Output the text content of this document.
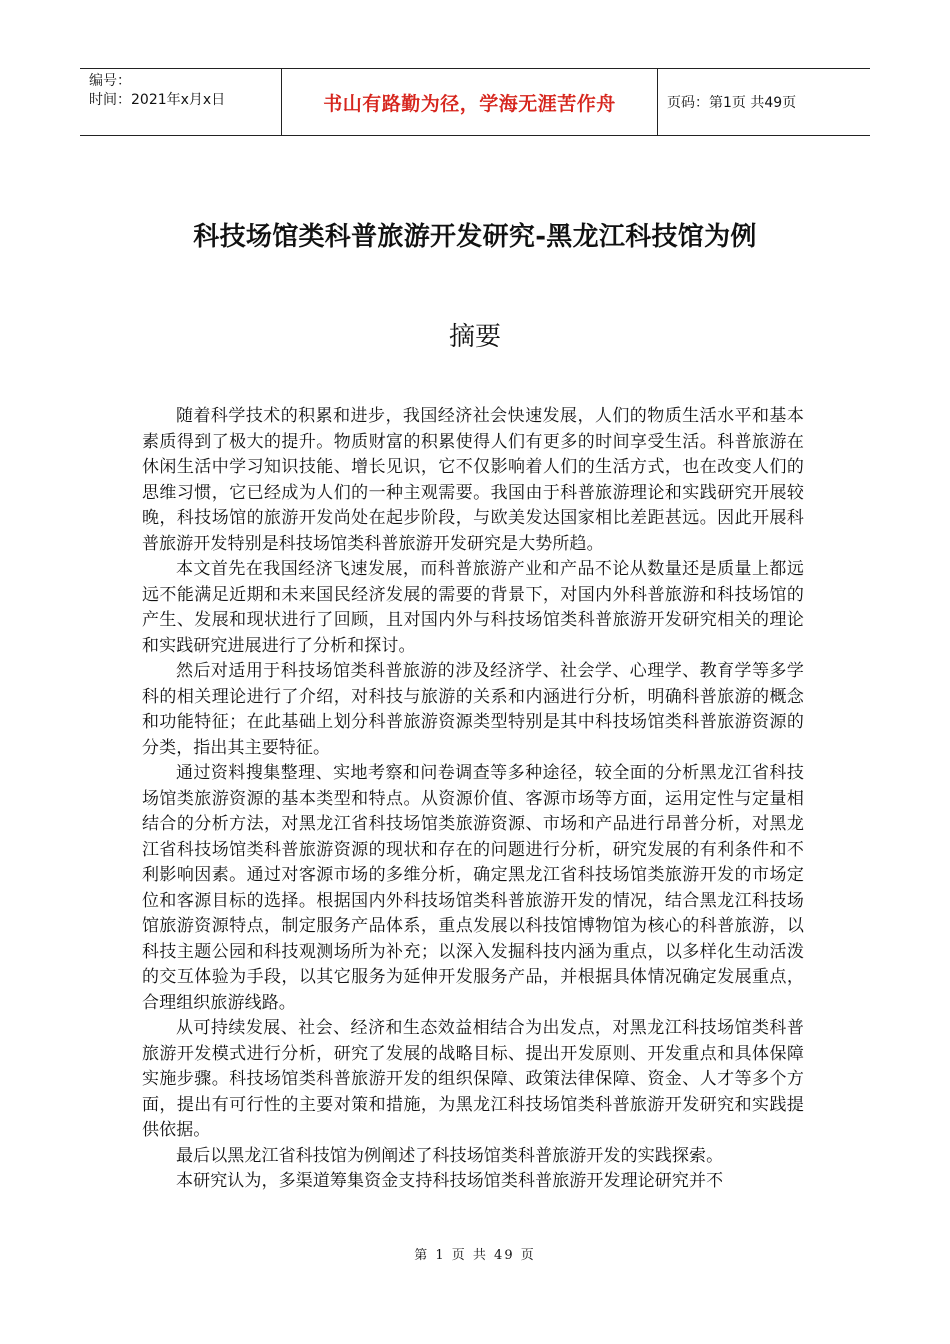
编号：
时间：2021年x月x日	书山有路勤为径，学海无涯苦作舟	页码：第1页 共49页
科技场馆类科普旅游开发研究-黑龙江科技馆为例
摘要

随着科学技术的积累和进步，我国经济社会快速发展，人们的物质生活水平和基本素质得到了极大的提升。物质财富的积累使得人们有更多的时间享受生活。科普旅游在休闲生活中学习知识技能、增长见识，它不仅影响着人们的生活方式，也在改变人们的思维习惯，它已经成为人们的一种主观需要。我国由于科普旅游理论和实践研究开展较晚，科技场馆的旅游开发尚处在起步阶段，与欧美发达国家相比差距甚远。因此开展科普旅游开发特别是科技场馆类科普旅游开发研究是大势所趋。

本文首先在我国经济飞速发展，而科普旅游产业和产品不论从数量还是质量上都远远不能满足近期和未来国民经济发展的需要的背景下，对国内外科普旅游和科技场馆的产生、发展和现状进行了回顾，且对国内外与科技场馆类科普旅游开发研究相关的理论和实践研究进展进行了分析和探讨。

然后对适用于科技场馆类科普旅游的涉及经济学、社会学、心理学、教育学等多学科的相关理论进行了介绍，对科技与旅游的关系和内涵进行分析，明确科普旅游的概念和功能特征；在此基础上划分科普旅游资源类型特别是其中科技场馆类科普旅游资源的分类，指出其主要特征。

通过资料搜集整理、实地考察和问卷调查等多种途径，较全面的分析黑龙江省科技场馆类旅游资源的基本类型和特点。从资源价值、客源市场等方面，运用定性与定量相结合的分析方法，对黑龙江省科技场馆类旅游资源、市场和产品进行昂普分析，对黑龙江省科技场馆类科普旅游资源的现状和存在的问题进行分析，研究发展的有利条件和不利影响因素。通过对客源市场的多维分析，确定黑龙江省科技场馆类旅游开发的市场定位和客源目标的选择。根据国内外科技场馆类科普旅游开发的情况，结合黑龙江科技场馆旅游资源特点，制定服务产品体系，重点发展以科技馆博物馆为核心的科普旅游，以科技主题公园和科技观测场所为补充；以深入发掘科技内涵为重点，以多样化生动活泼的交互体验为手段，以其它服务为延伸开发服务产品，并根据具体情况确定发展重点，合理组织旅游线路。

从可持续发展、社会、经济和生态效益相结合为出发点，对黑龙江科技场馆类科普旅游开发模式进行分析，研究了发展的战略目标、提出开发原则、开发重点和具体保障实施步骤。科技场馆类科普旅游开发的组织保障、政策法律保障、资金、人才等多个方面，提出有可行性的主要对策和措施，为黑龙江科技场馆类科普旅游开发研究和实践提供依据。

最后以黑龙江省科技馆为例阐述了科技场馆类科普旅游开发的实践探索。

本研究认为，多渠道筹集资金支持科技场馆类科普旅游开发理论研究并不

第 1 页 共 49 页
